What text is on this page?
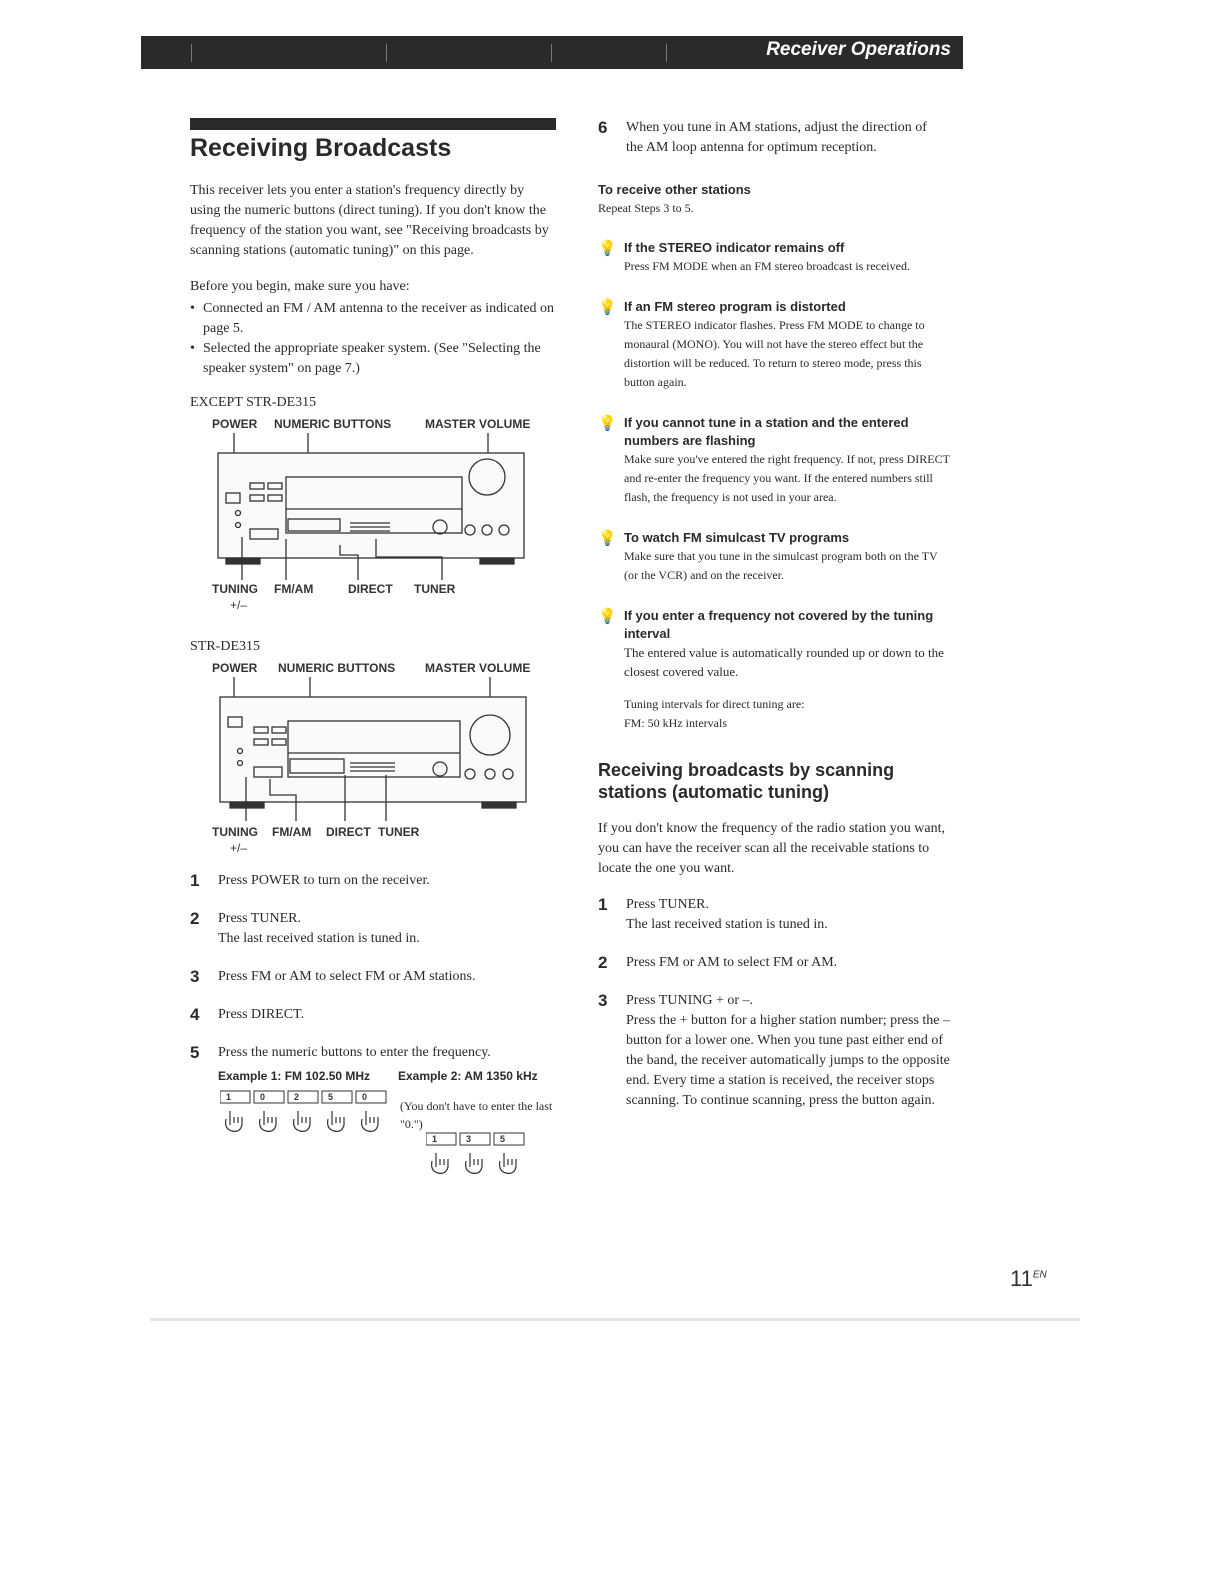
Receiver Operations
Receiving Broadcasts

This receiver lets you enter a station's frequency directly by using the numeric buttons (direct tuning). If you don't know the frequency of the station you want, see "Receiving broadcasts by scanning stations (automatic tuning)" on this page.

Before you begin, make sure you have:

• Connected an FM / AM antenna to the receiver as indicated on page 5.
• Selected the appropriate speaker system. (See "Selecting the speaker system" on page 7.)
EXCEPT STR-DE315
POWER NUMERIC BUTTONS	MASTER VOLUME
TUNING
+/–
FM/AM	DIRECT TUNER
STR-DE315
POWER NUMERIC BUTTONS MASTER VOLUME
TUNING
+/–
FM/AM DIRECT TUNER
1 Press POWER to turn on the receiver.
2 Press TUNER.
The last received station is tuned in.
3 Press FM or AM to select FM or AM stations.
4 Press DIRECT.
5 Press the numeric buttons to enter the frequency.
Example 1: FM 102.50 MHz Example 2: AM 1350 kHz
1	0	2	5	0
(You don't have to enter the last "0.")
1	3	5
6 When you tune in AM stations, adjust the direction of the AM loop antenna for optimum reception.
To receive other stations
Repeat Steps 3 to 5.
💡 If the STEREO indicator remains off
Press FM MODE when an FM stereo broadcast is received.
💡 If an FM stereo program is distorted
The STEREO indicator flashes. Press FM MODE to change to monaural (MONO). You will not have the stereo effect but the distortion will be reduced. To return to stereo mode, press this button again.
💡 If you cannot tune in a station and the entered numbers are flashing
Make sure you've entered the right frequency. If not, press DIRECT and re-enter the frequency you want. If the entered numbers still flash, the frequency is not used in your area.
💡 To watch FM simulcast TV programs
Make sure that you tune in the simulcast program both on the TV (or the VCR) and on the receiver.
💡 If you enter a frequency not covered by the tuning interval
The entered value is automatically rounded up or down to the closest covered value.
Tuning intervals for direct tuning are:
FM: 50 kHz intervals
Receiving broadcasts by scanning stations (automatic tuning)

If you don't know the frequency of the radio station you want, you can have the receiver scan all the receivable stations to locate the one you want.

1 Press TUNER.
The last received station is tuned in.
2 Press FM or AM to select FM or AM.
3 Press TUNING + or –.
Press the + button for a higher station number; press the – button for a lower one. When you tune past either end of the band, the receiver automatically jumps to the opposite end. Every time a station is received, the receiver stops scanning. To continue scanning, press the button again.
$11^{EN}$
